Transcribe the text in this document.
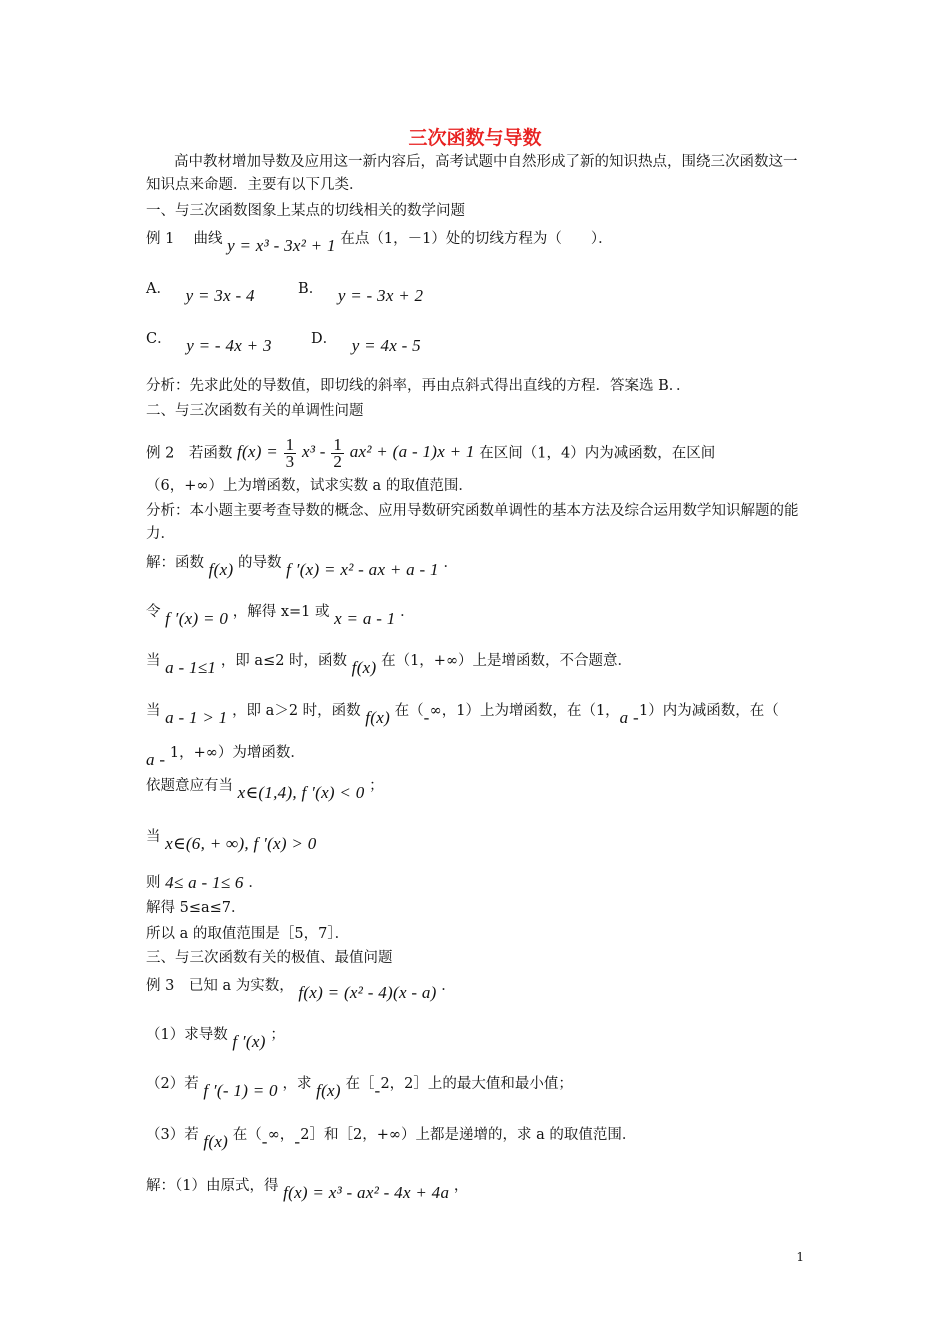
三次函数与导数
高中教材增加导数及应用这一新内容后，高考试题中自然形成了新的知识热点，围绕三次函数这一知识点来命题．主要有以下几类．
一、与三次函数图象上某点的切线相关的数学问题
例 1　 曲线 y = x³ - 3x² + 1 在点（1，－1）处的切线方程为（　　）．
A． y = 3x - 4	B． y = - 3x + 2
C． y = - 4x + 3	D． y = 4x - 5
分析：先求此处的导数值，即切线的斜率，再由点斜式得出直线的方程．答案选 B．．
二、与三次函数有关的单调性问题
例 2　若函数 $f(x) = \frac{1}{3} x^3 - \frac{1}{2} ax^2 + (a - 1)x + 1$ 在区间（1，4）内为减函数，在区间
（6，+∞）上为增函数，试求实数 a 的取值范围．
分析：本小题主要考查导数的概念、应用导数研究函数单调性的基本方法及综合运用数学知识解题的能力．
解：函数 f(x) 的导数 f ′(x) = x² - ax + a - 1 ．
令 f ′(x) = 0 ，解得 x=1 或 x = a - 1 ．
当 a - 1≤1 ，即 a≤2 时，函数 f(x) 在（1，+∞）上是增函数，不合题意．
当 a - 1 > 1 ，即 a＞2 时，函数 f(x) 在（-∞，1）上为增函数，在（1，a -1）内为减函数，在（
a - 1，+∞）为增函数．
依题意应有当 x∈(1,4), f ′(x) < 0 ；
当 x∈(6, + ∞), f ′(x) > 0
则 4≤ a - 1≤ 6 ．
解得 5≤a≤7．
所以 a 的取值范围是［5，7］．
三、与三次函数有关的极值、最值问题
例 3　已知 a 为实数， f(x) = (x² - 4)(x - a) ．
（1）求导数 f ′(x) ；
（2）若 f ′(- 1) = 0 ，求 f(x) 在［-2，2］上的最大值和最小值；
（3）若 f(x) 在（-∞，-2］和［2，+∞）上都是递增的，求 a 的取值范围．
解：（1）由原式，得 f(x) = x³ - ax² - 4x + 4a ，
1
